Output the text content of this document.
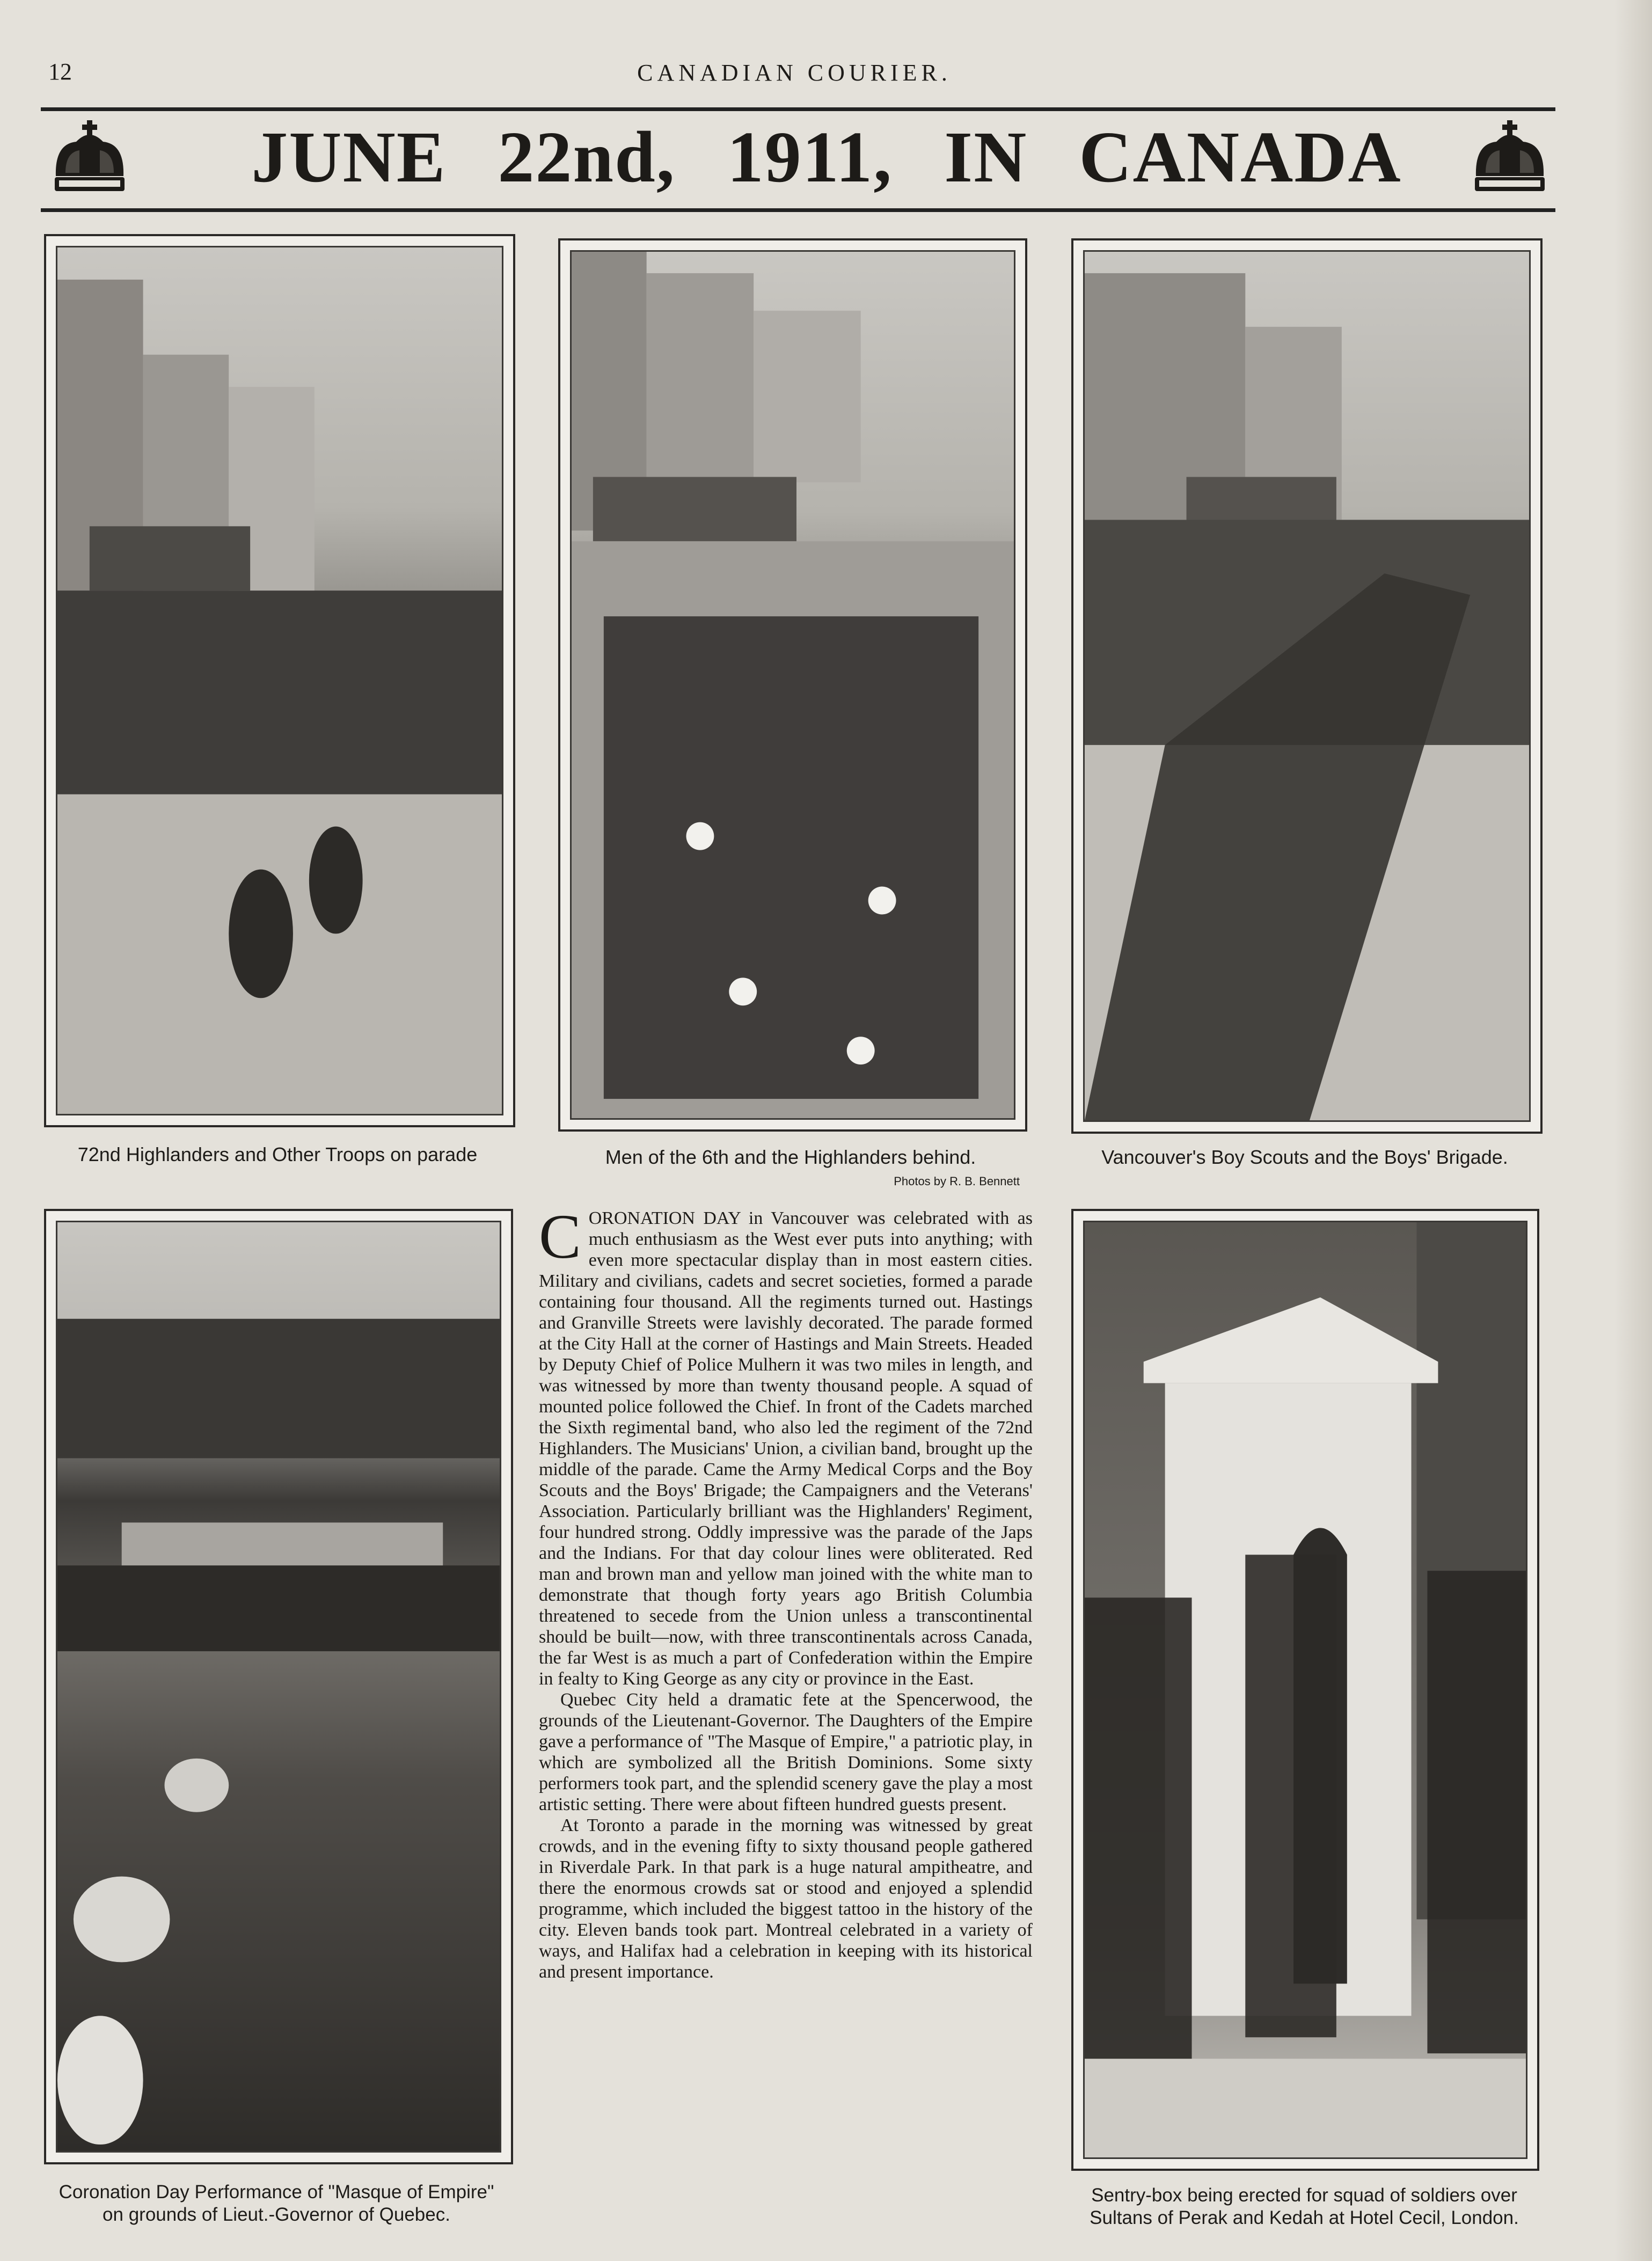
12	CANADIAN COURIER.
JUNE 22nd, 1911, IN CANADA
72nd Highlanders and Other Troops on parade	Men of the 6th and the Highlanders behind.
Photos by R. B. Bennett
Vancouver's Boy Scouts and the Boys' Brigade.
Coronation Day Performance of "Masque of Empire"
on grounds of Lieut.-Governor of Quebec.
Sentry-box being erected for squad of soldiers over
Sultans of Perak and Kedah at Hotel Cecil, London.

CORONATION DAY in Vancouver was celebrated with as much enthusiasm as the West ever puts into anything; with even more spectacular display than in most eastern cities. Military and civilians, cadets and secret societies, formed a parade containing four thousand. All the regiments turned out. Hastings and Granville Streets were lavishly decorated. The parade formed at the City Hall at the corner of Hastings and Main Streets. Headed by Deputy Chief of Police Mulhern it was two miles in length, and was witnessed by more than twenty thousand people. A squad of mounted police followed the Chief. In front of the Cadets marched the Sixth regimental band, who also led the regiment of the 72nd Highlanders. The Musicians' Union, a civilian band, brought up the middle of the parade. Came the Army Medical Corps and the Boy Scouts and the Boys' Brigade; the Campaigners and the Veterans' Association. Particularly brilliant was the Highlanders' Regiment, four hundred strong. Oddly impressive was the parade of the Japs and the Indians. For that day colour lines were obliterated. Red man and brown man and yellow man joined with the white man to demonstrate that though forty years ago British Columbia threatened to secede from the Union unless a transcontinental should be built—now, with three transcontinentals across Canada, the far West is as much a part of Confederation within the Empire in fealty to King George as any city or province in the East.

Quebec City held a dramatic fete at the Spencerwood, the grounds of the Lieutenant-Governor. The Daughters of the Empire gave a performance of "The Masque of Empire," a patriotic play, in which are symbolized all the British Dominions. Some sixty performers took part, and the splendid scenery gave the play a most artistic setting. There were about fifteen hundred guests present.

At Toronto a parade in the morning was witnessed by great crowds, and in the evening fifty to sixty thousand people gathered in Riverdale Park. In that park is a huge natural ampitheatre, and there the enormous crowds sat or stood and enjoyed a splendid programme, which included the biggest tattoo in the history of the city. Eleven bands took part. Montreal celebrated in a variety of ways, and Halifax had a celebration in keeping with its historical and present importance.
